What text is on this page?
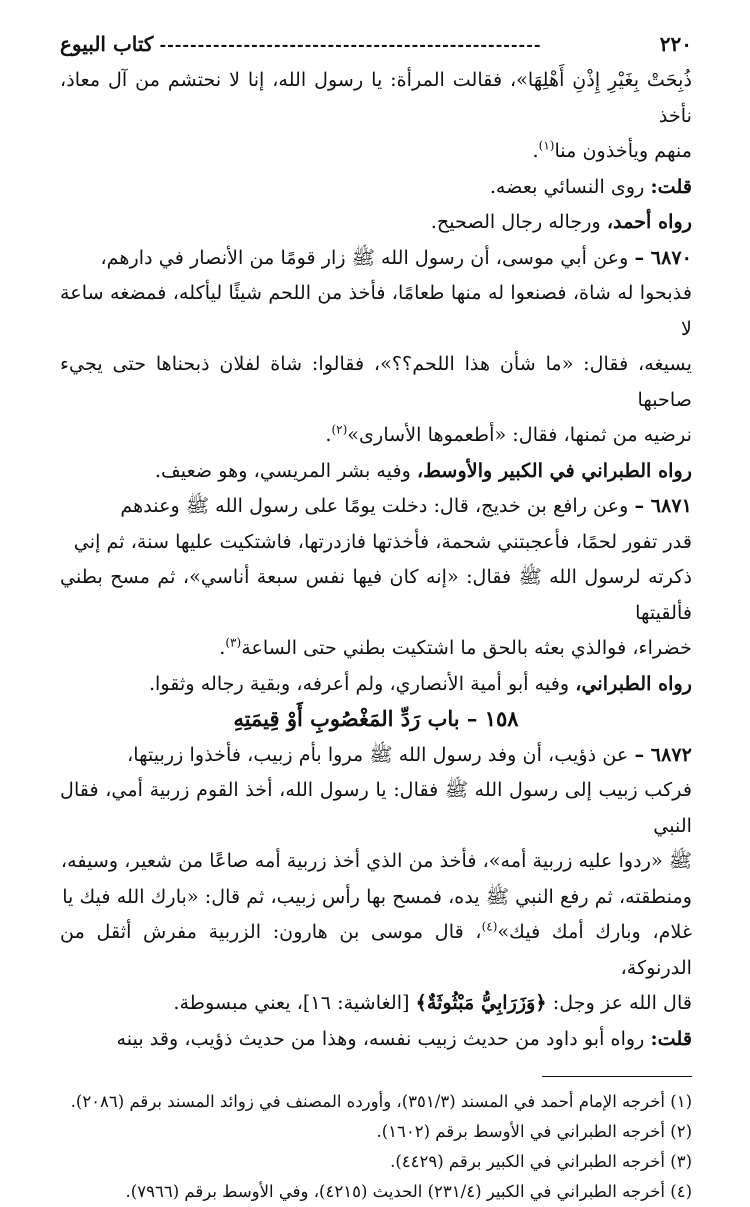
٢٢٠
--------------------------------------------------
كتاب البيوع

ذُبِحَتْ بِغَيْرِ إِذْنِ أَهْلِهَا»، فقالت المرأة: يا رسول الله، إنا لا نحتشم من آل معاذ، نأخذ

منهم ويأخذون منا$^{(١)}$.

قلت: روى النسائي بعضه.

رواه أحمد، ورجاله رجال الصحيح.

٦٨٧٠ – وعن أبي موسى، أن رسول الله ﷺ زار قومًا من الأنصار في دارهم،

فذبحوا له شاة، فصنعوا له منها طعامًا، فأخذ من اللحم شيئًا ليأكله، فمضغه ساعة لا

يسيغه، فقال: «ما شأن هذا اللحم؟؟»، فقالوا: شاة لفلان ذبحناها حتى يجيء صاحبها

نرضيه من ثمنها، فقال: «أطعموها الأسارى»$^{(٢)}$.

رواه الطبراني في الكبير والأوسط، وفيه بشر المريسي، وهو ضعيف.

٦٨٧١ – وعن رافع بن خديج، قال: دخلت يومًا على رسول الله ﷺ وعندهم

قدر تفور لحمًا، فأعجبتني شحمة، فأخذتها فازدرتها، فاشتكيت عليها سنة، ثم إني

ذكرته لرسول الله ﷺ فقال: «إنه كان فيها نفس سبعة أناسي»، ثم مسح بطني فألقيتها

خضراء، فوالذي بعثه بالحق ما اشتكيت بطني حتى الساعة$^{(٣)}$.

رواه الطبراني، وفيه أبو أمية الأنصاري، ولم أعرفه، وبقية رجاله وثقوا.

١٥٨ – باب رَدِّ المَغْصُوبِ أَوْ قِيمَتِهِ

٦٨٧٢ – عن ذؤيب، أن وفد رسول الله ﷺ مروا بأم زبيب، فأخذوا زربيتها،

فركب زبيب إلى رسول الله ﷺ فقال: يا رسول الله، أخذ القوم زربية أمي، فقال النبي

ﷺ «ردوا عليه زربية أمه»، فأخذ من الذي أخذ زربية أمه صاعًا من شعير، وسيفه،

ومنطقته، ثم رفع النبي ﷺ يده، فمسح بها رأس زبيب، ثم قال: «بارك الله فيك يا

غلام، وبارك أمك فيك»$^{(٤)}$، قال موسى بن هارون: الزربية مفرش أثقل من الدرنوكة،

قال الله عز وجل: ﴿وَزَرَابِيُّ مَبْثُوثَةٌ﴾ [الغاشية: ١٦]، يعني مبسوطة.

قلت: رواه أبو داود من حديث زبيب نفسه، وهذا من حديث ذؤيب، وقد بينه

(١) أخرجه الإمام أحمد في المسند (٣٥١/٣)، وأورده المصنف في زوائد المسند برقم (٢٠٨٦).

(٢) أخرجه الطبراني في الأوسط برقم (١٦٠٢).

(٣) أخرجه الطبراني في الكبير برقم (٤٤٢٩).

(٤) أخرجه الطبراني في الكبير (٢٣١/٤) الحديث (٤٢١٥)، وفي الأوسط برقم (٧٩٦٦).
